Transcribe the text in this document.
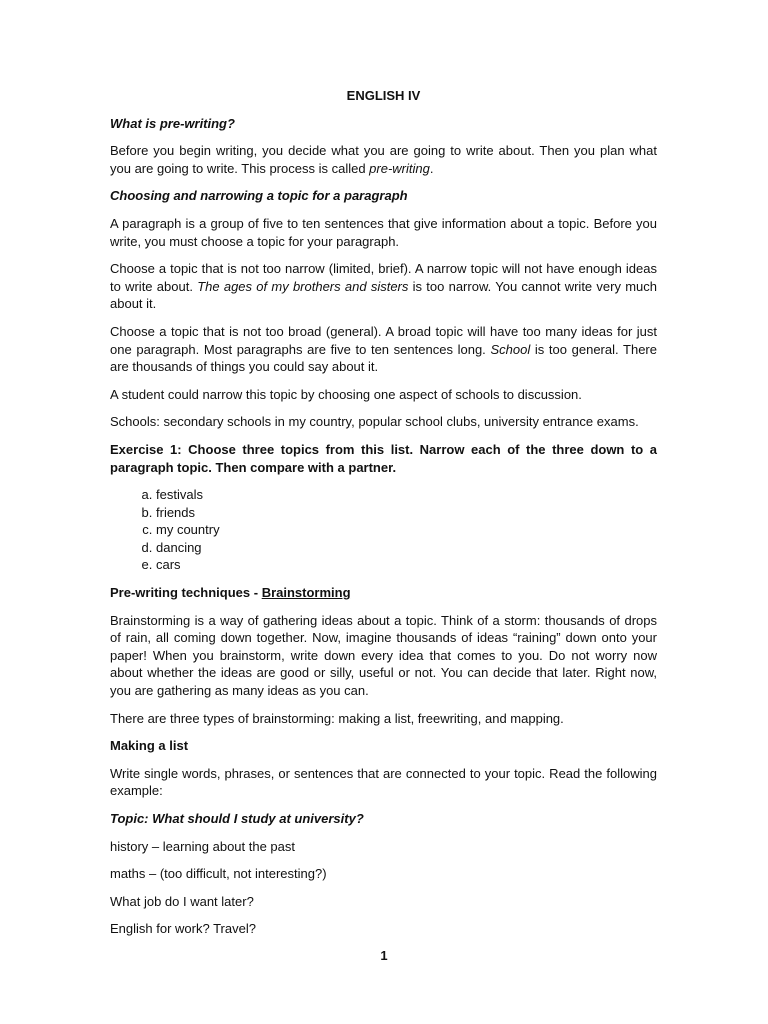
ENGLISH IV
What is pre-writing?

Before you begin writing, you decide what you are going to write about. Then you plan what you are going to write. This process is called pre-writing.

Choosing and narrowing a topic for a paragraph

A paragraph is a group of five to ten sentences that give information about a topic. Before you write, you must choose a topic for your paragraph.

Choose a topic that is not too narrow (limited, brief). A narrow topic will not have enough ideas to write about. The ages of my brothers and sisters is too narrow. You cannot write very much about it.

Choose a topic that is not too broad (general). A broad topic will have too many ideas for just one paragraph. Most paragraphs are five to ten sentences long. School is too general. There are thousands of things you could say about it.

A student could narrow this topic by choosing one aspect of schools to discussion.

Schools: secondary schools in my country, popular school clubs, university entrance exams.

Exercise 1: Choose three topics from this list. Narrow each of the three down to a paragraph topic. Then compare with a partner.

a. festivals
b. friends
c. my country
d. dancing
e. cars
Pre-writing techniques - Brainstorming

Brainstorming is a way of gathering ideas about a topic. Think of a storm: thousands of drops of rain, all coming down together. Now, imagine thousands of ideas “raining” down onto your paper! When you brainstorm, write down every idea that comes to you. Do not worry now about whether the ideas are good or silly, useful or not. You can decide that later. Right now, you are gathering as many ideas as you can.

There are three types of brainstorming: making a list, freewriting, and mapping.

Making a list

Write single words, phrases, or sentences that are connected to your topic. Read the following example:

Topic: What should I study at university?
history – learning about the past
maths – (too difficult, not interesting?)
What job do I want later?
English for work? Travel?
1
